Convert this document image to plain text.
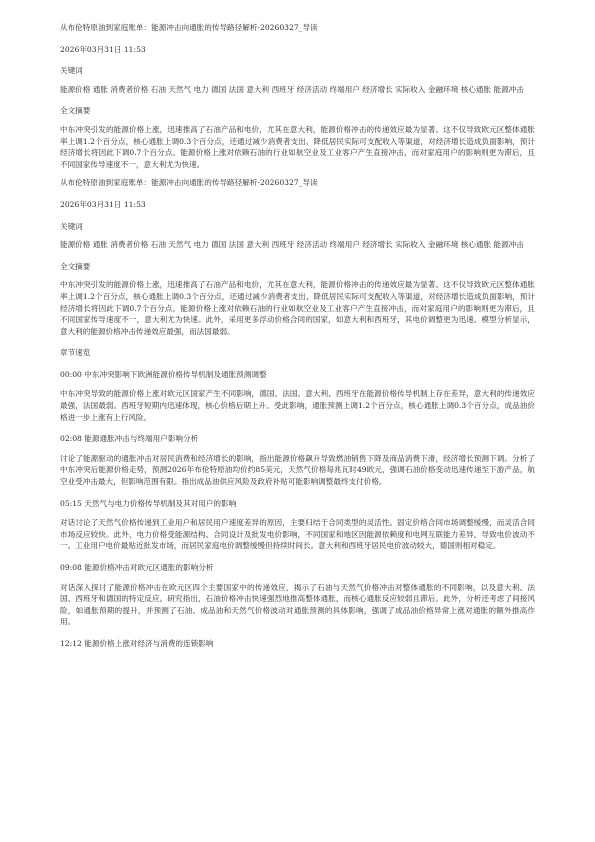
从布伦特原油到家庭账单：能源冲击向通胀的传导路径解析-20260327_导读

2026年03月31日 11:53

关键词

能源价格 通胀 消费者价格 石油 天然气 电力 德国 法国 意大利 西班牙 经济活动 终端用户 经济增长 实际收入 金融环境 核心通胀 能源冲击

全文摘要

中东冲突引发的能源价格上涨，迅速推高了石油产品和电价，尤其在意大利，能源价格冲击的传递效应最为显著。这不仅导致欧元区整体通胀率上调1.2个百分点，核心通胀上调0.3个百分点，还通过减少消费者支出、降低居民实际可支配收入等渠道，对经济增长造成负面影响，预计经济增长将因此下调0.7个百分点。能源价格上涨对依赖石油的行业如航空业及工业客户产生直接冲击，而对家庭用户的影响则更为滞后，且不同国家传导速度不一，意大利尤为快速。

从布伦特原油到家庭账单：能源冲击向通胀的传导路径解析-20260327_导读

2026年03月31日 11:53

关键词

能源价格 通胀 消费者价格 石油 天然气 电力 德国 法国 意大利 西班牙 经济活动 终端用户 经济增长 实际收入 金融环境 核心通胀 能源冲击

全文摘要

中东冲突引发的能源价格上涨，迅速推高了石油产品和电价，尤其在意大利，能源价格冲击的传递效应最为显著。这不仅导致欧元区整体通胀率上调1.2个百分点，核心通胀上调0.3个百分点，还通过减少消费者支出、降低居民实际可支配收入等渠道，对经济增长造成负面影响，预计经济增长将因此下调0.7个百分点。能源价格上涨对依赖石油的行业如航空业及工业客户产生直接冲击，而对家庭用户的影响则更为滞后，且不同国家传导速度不一，意大利尤为快速。此外，采用更多浮动价格合同的国家，如意大利和西班牙，其电价调整更为迅速。模型分析显示，意大利的能源价格冲击传递效应最强，而法国最弱。

章节速览

00:00 中东冲突影响下欧洲能源价格传导机制及通胀预测调整

中东冲突导致的能源价格上涨对欧元区国家产生不同影响，德国、法国、意大利、西班牙在能源价格传导机制上存在差异，意大利的传递效应最强，法国最弱。西班牙短期内迅速体现，核心价格后期上升。受此影响，通胀预测上调1.2个百分点，核心通胀上调0.3个百分点，成品油价格进一步上涨有上行风险。

02:08 能源通胀冲击与终端用户影响分析

讨论了能源驱动的通胀冲击对居民消费和经济增长的影响，指出能源价格飙升导致燃油销售下降及商品消费下滑，经济增长预测下调。分析了中东冲突后能源价格走势，预测2026年布伦特原油均价约85美元，天然气价格每兆瓦时49欧元，强调石油价格变动迅速传递至下游产品，航空业受冲击最大，但影响范围有限。指出成品油供应风险及政府补贴可能影响调整最终支付价格。

05:15 天然气与电力价格传导机制及其对用户的影响

对话讨论了天然气价格传递到工业用户和居民用户速度差异的原因，主要归结于合同类型的灵活性。固定价格合同市场调整缓慢，而灵活合同市场反应较快。此外，电力价格受能源结构、合同设计及批发电价影响，不同国家和地区因能源依赖度和电网互联能力差异，导致电价波动不一。工业用户电价最贴近批发市场，而居民家庭电价调整缓慢但持续时间长。意大利和西班牙居民电价波动较大，德国则相对稳定。

09:08 能源价格冲击对欧元区通胀的影响分析

对话深入探讨了能源价格冲击在欧元区四个主要国家中的传递效应，揭示了石油与天然气价格冲击对整体通胀的不同影响，以及意大利、法国、西班牙和德国的特定反应。研究指出，石油价格冲击快速强烈地推高整体通胀，而核心通胀反应较弱且滞后。此外，分析还考虑了间接风险，如通胀预期的提升，并预测了石油、成品油和天然气价格波动对通胀预测的具体影响，强调了成品油价格异常上涨对通胀的额外推高作用。

12:12 能源价格上涨对经济与消费的连锁影响
